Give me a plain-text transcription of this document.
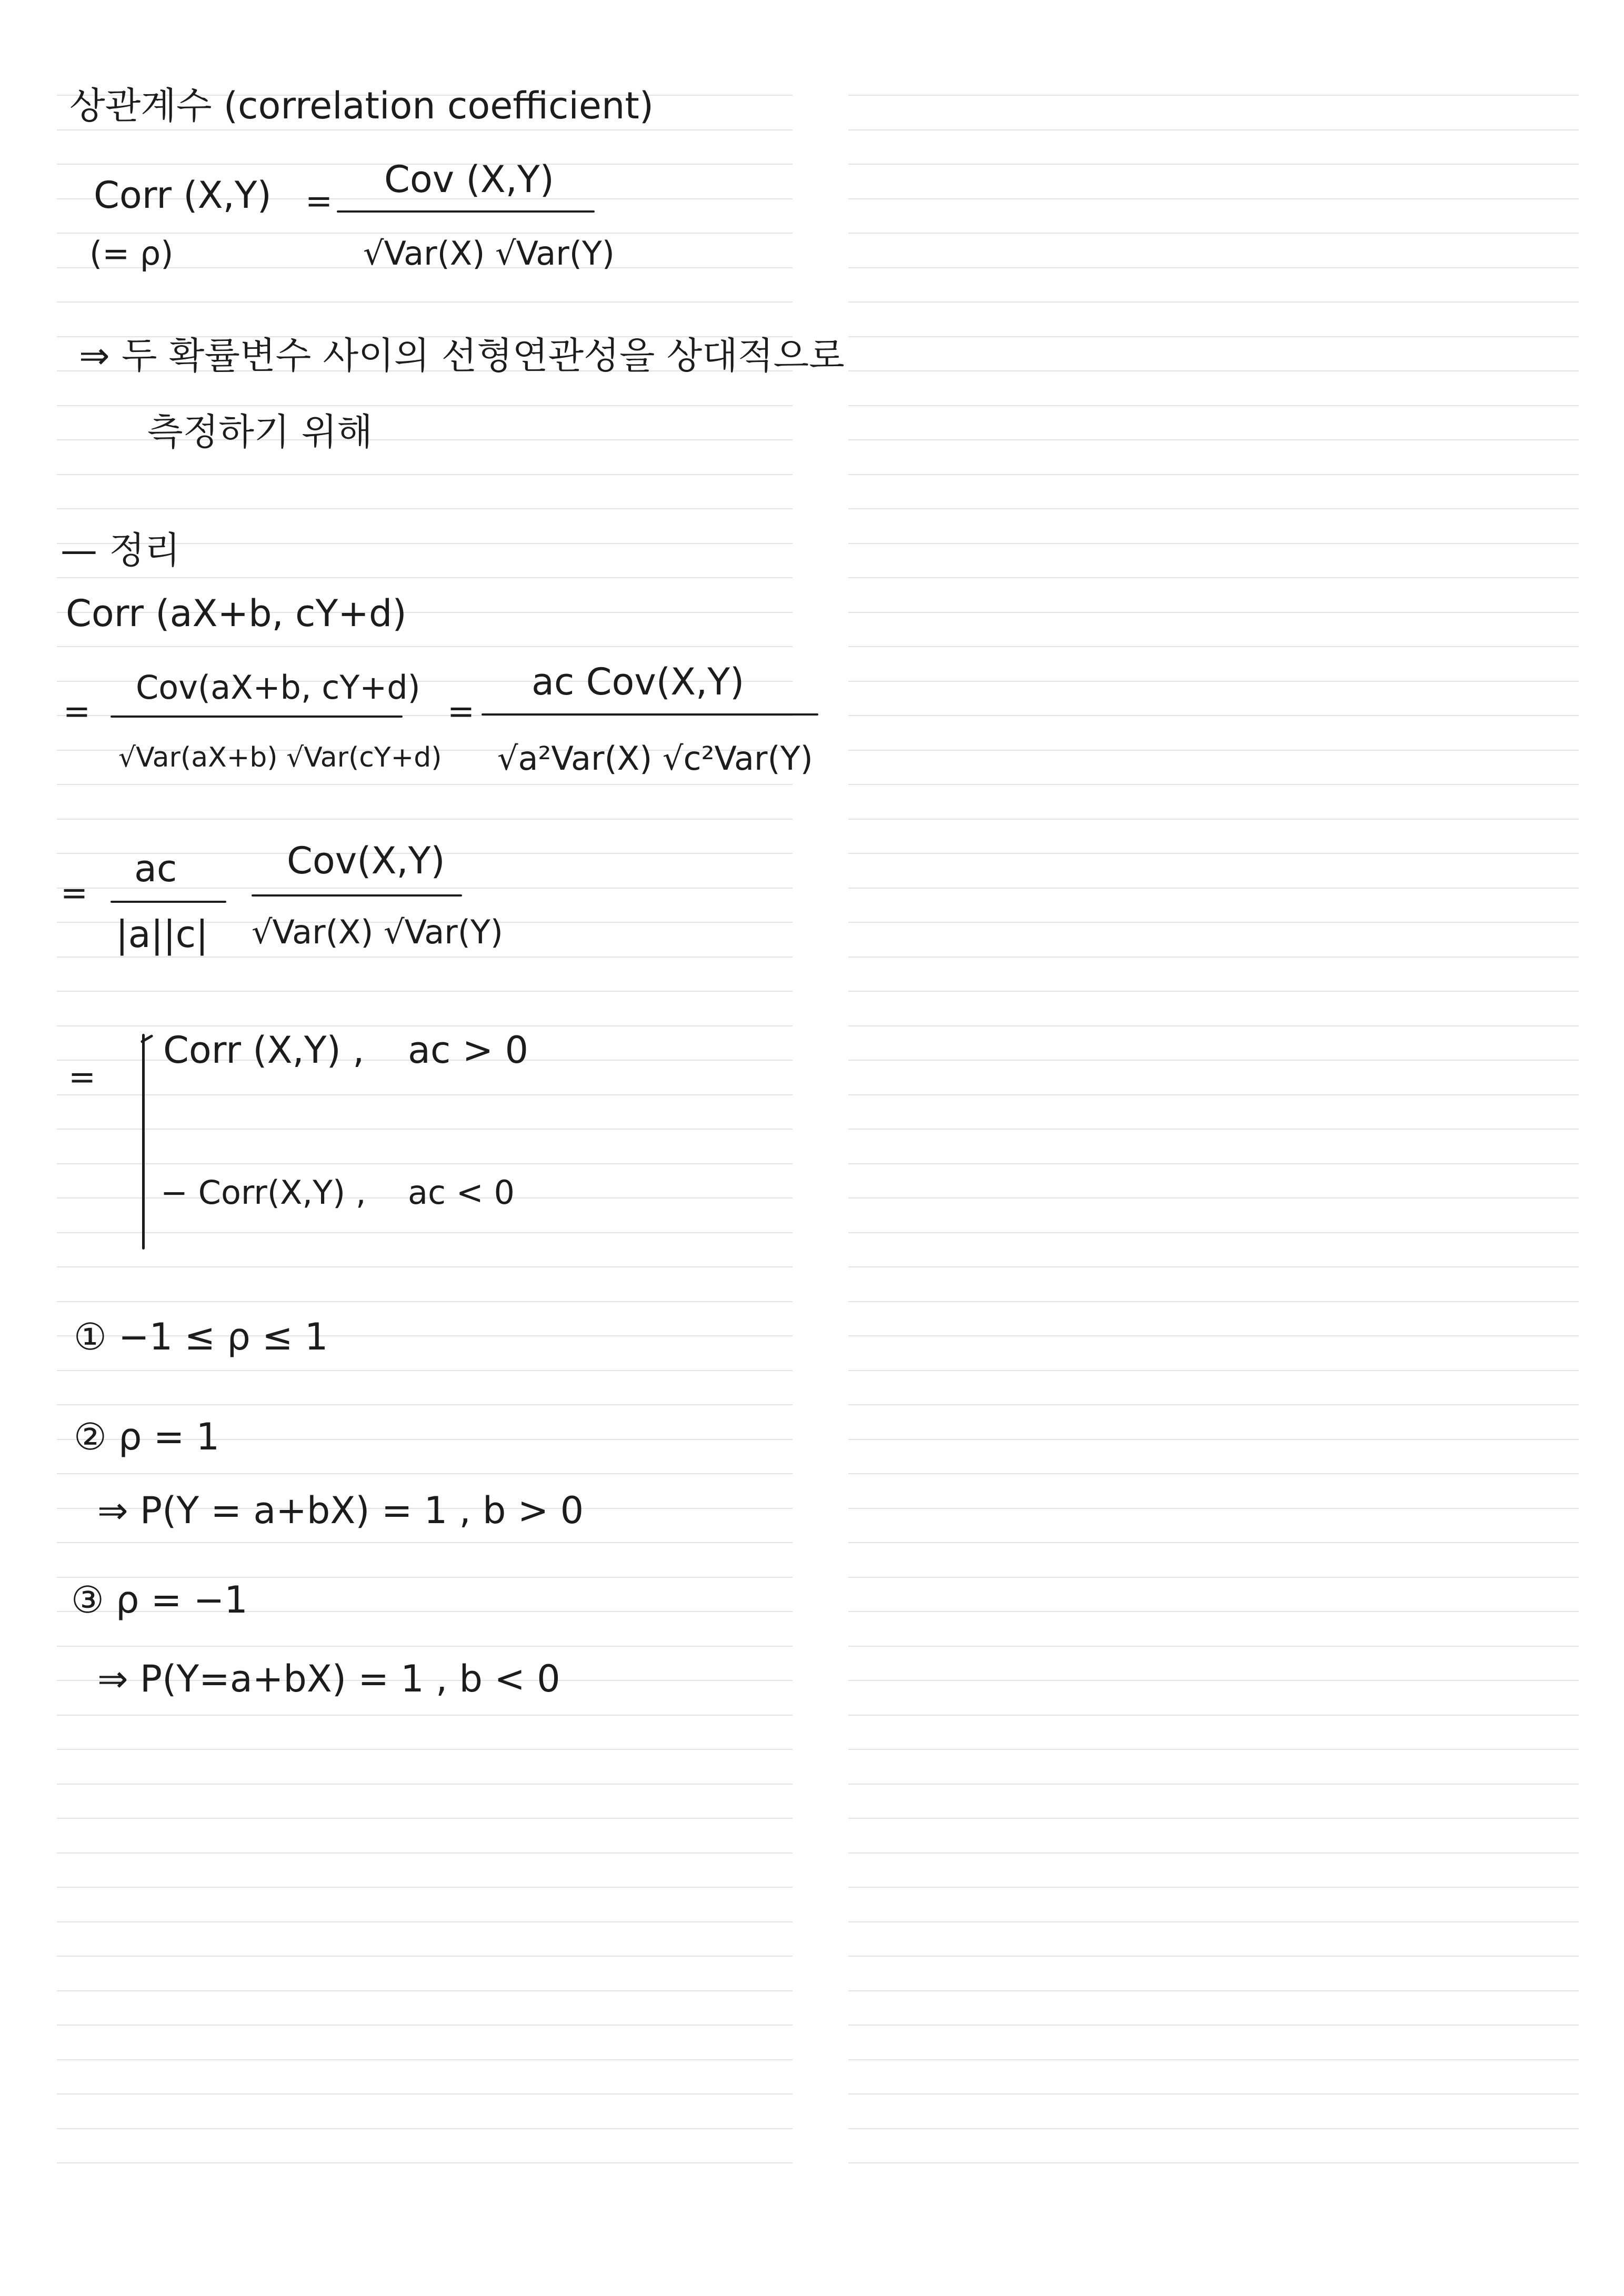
상관계수 (correlation coefficient)
Corr (X,Y) = Cov (X,Y)
√Var(X) √Var(Y)
(= ρ)
⇒ 두 확률변수 사이의 선형연관성을 상대적으로
측정하기 위해
— 정리
Corr (aX+b, cY+d)
=
Cov(aX+b, cY+d)
√Var(aX+b) √Var(cY+d)
=
ac Cov(X,Y)
√a²Var(X) √c²Var(Y)
=
ac
|a||c|
Cov(X,Y)
√Var(X) √Var(Y)
=
Corr (X,Y) , ac > 0
− Corr(X,Y) , ac < 0
① −1 ≤ ρ ≤ 1
② ρ = 1
⇒ P(Y = a+bX) = 1 , b > 0
③ ρ = −1
⇒ P(Y=a+bX) = 1 , b < 0
